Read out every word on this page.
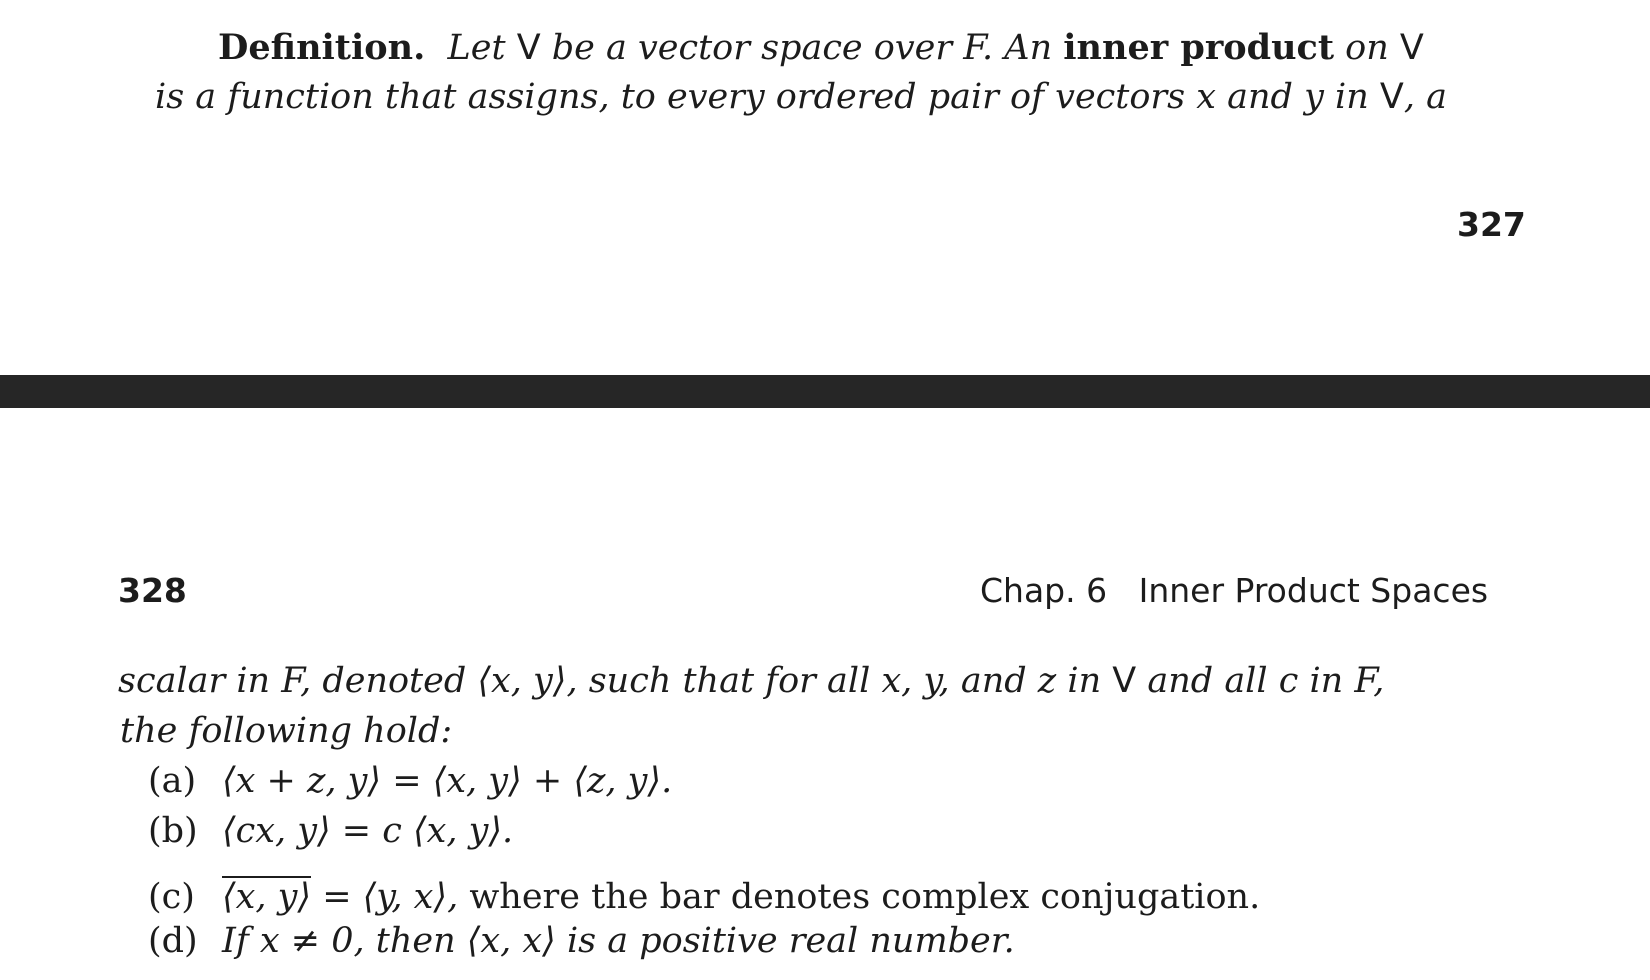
Definition. Let V be a vector space over F. An inner product on V
is a function that assigns, to every ordered pair of vectors x and y in V, a
327
328	Chap. 6 Inner Product Spaces
scalar in F, denoted ⟨x, y⟩, such that for all x, y, and z in V and all c in F,
the following hold:
(a) ⟨x + z, y⟩ = ⟨x, y⟩ + ⟨z, y⟩.
(b) ⟨cx, y⟩ = c ⟨x, y⟩.
(c) ⟨x, y⟩ = ⟨y, x⟩, where the bar denotes complex conjugation.
(d) If x ≠ 0, then ⟨x, x⟩ is a positive real number.
